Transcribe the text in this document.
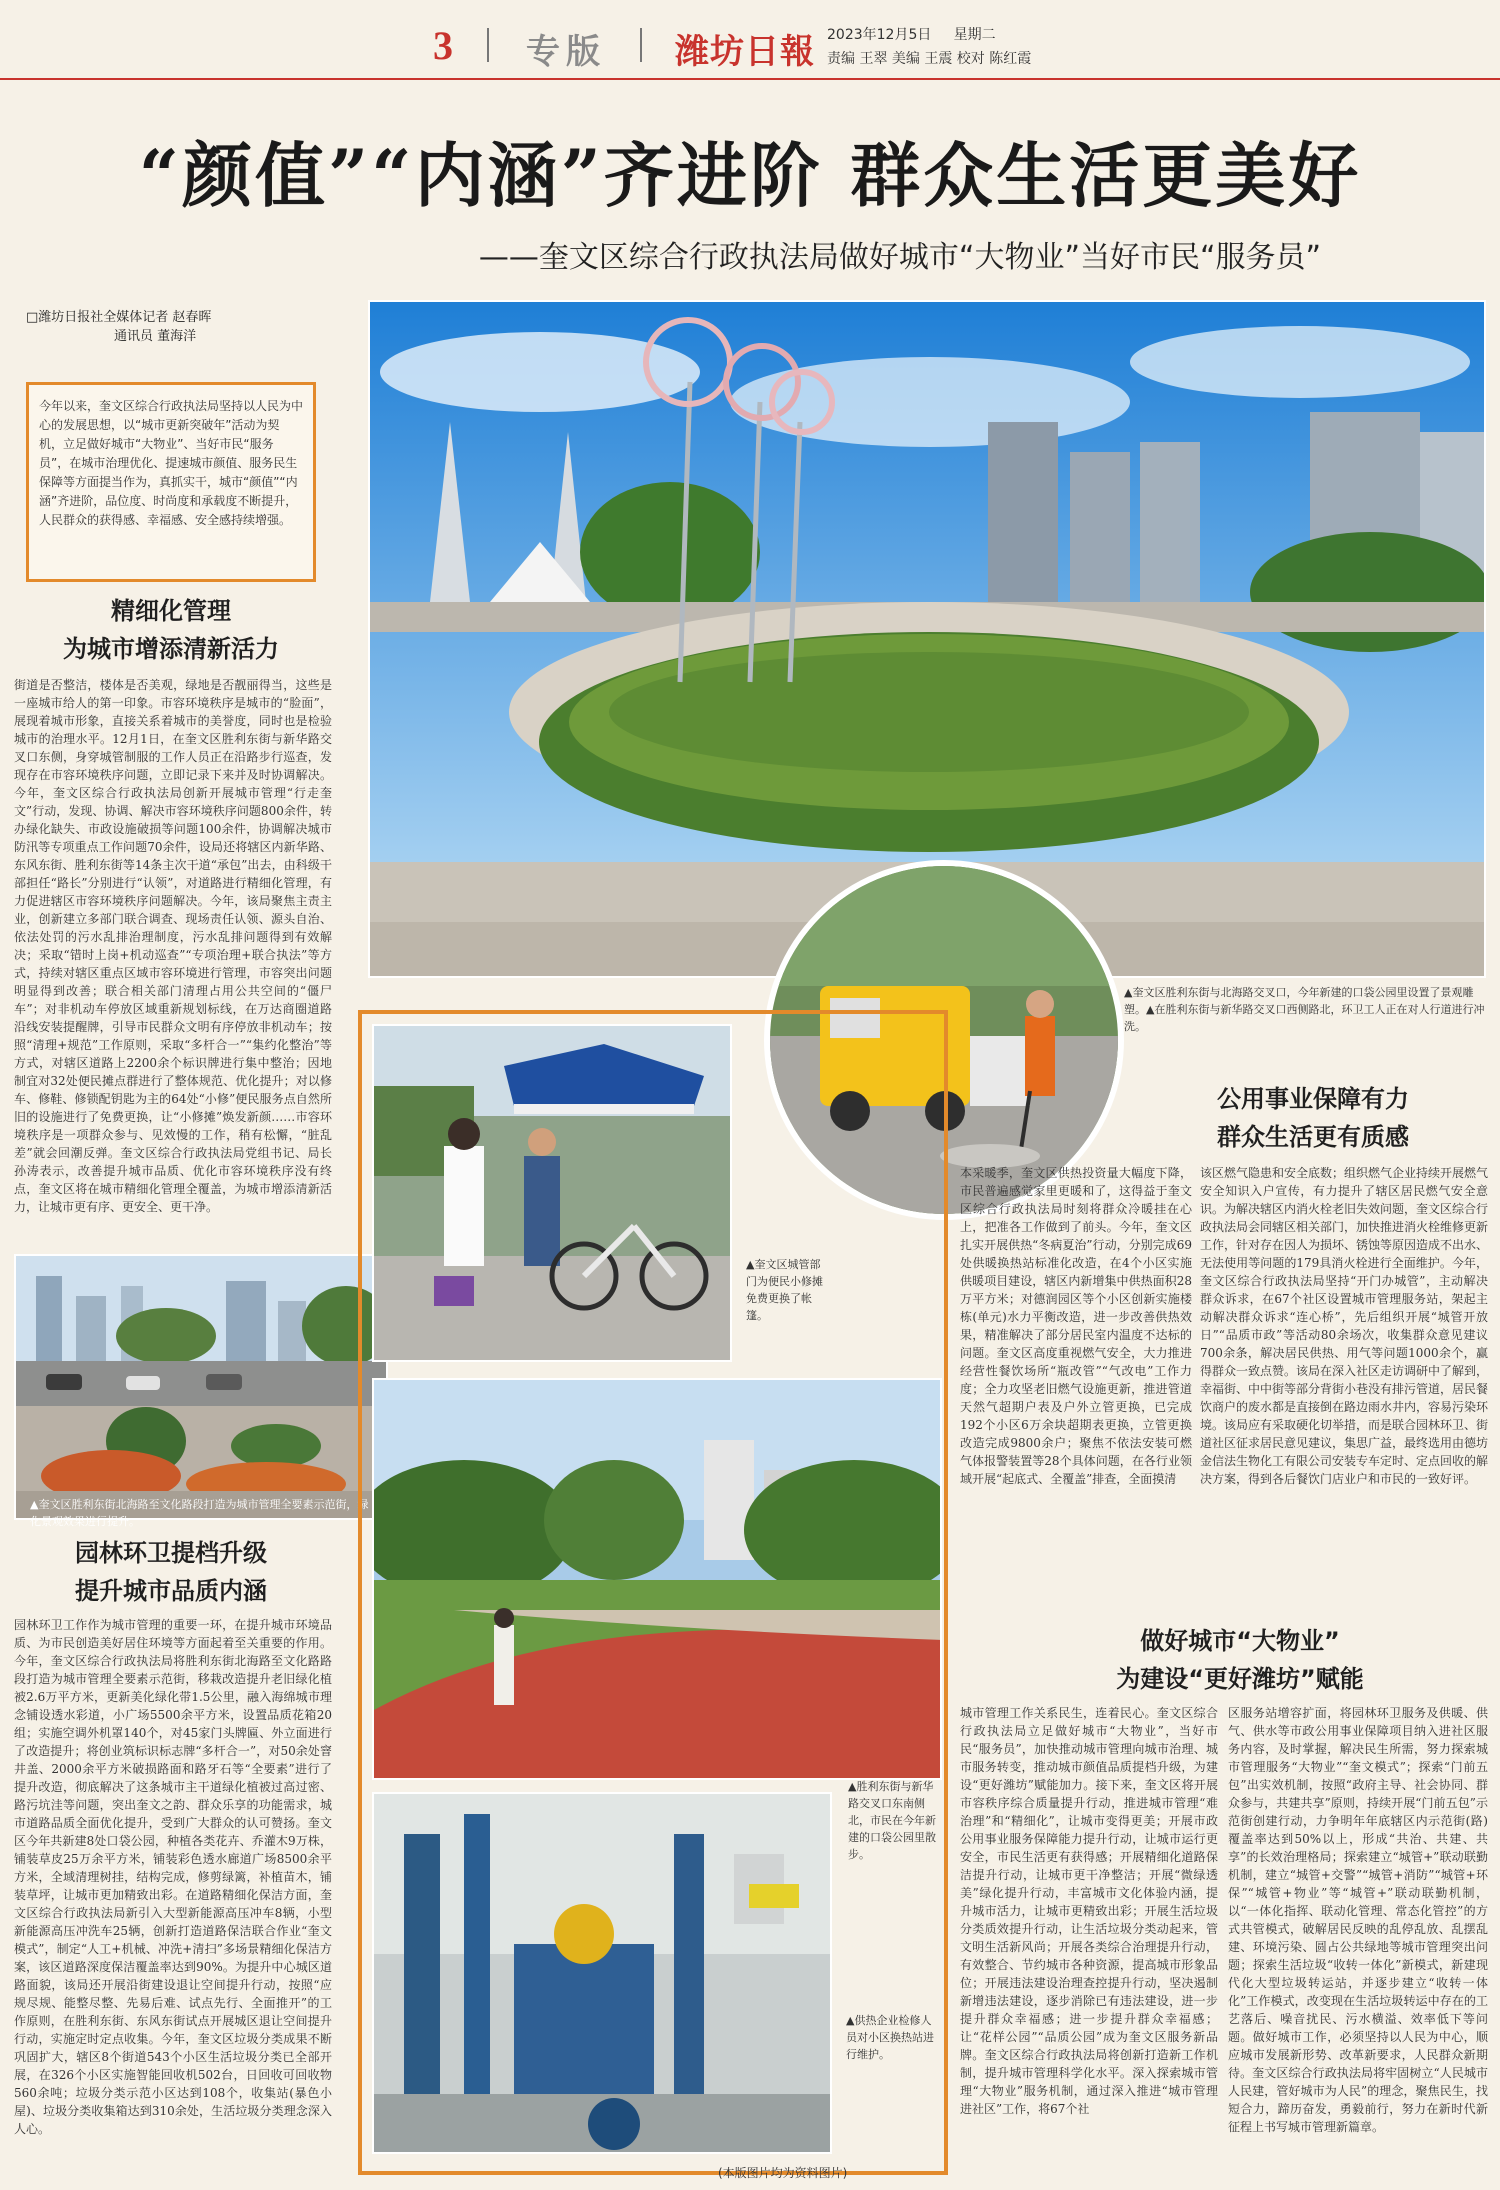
3 专版 潍坊日報 2023年12月5日 星期二
责编 王翠 美编 王震 校对 陈红霞
“颜值”“内涵”齐进阶 群众生活更美好
——奎文区综合行政执法局做好城市“大物业”当好市民“服务员”
□潍坊日报社全媒体记者 赵春晖
通讯员 董海洋
今年以来，奎文区综合行政执法局坚持以人民为中心的发展思想，以“城市更新突破年”活动为契机，立足做好城市“大物业”、当好市民“服务员”，在城市治理优化、提速城市颜值、服务民生保障等方面提当作为，真抓实干，城市“颜值”“内涵”齐进阶，品位度、时尚度和承载度不断提升，人民群众的获得感、幸福感、安全感持续增强。
精细化管理
为城市增添清新活力
街道是否整洁，楼体是否美观，绿地是否靓丽得当，这些是一座城市给人的第一印象。市容环境秩序是城市的“脸面”，展现着城市形象，直接关系着城市的美誉度，同时也是检验城市的治理水平。12月1日，在奎文区胜利东街与新华路交叉口东侧，身穿城管制服的工作人员正在沿路步行巡查，发现存在市容环境秩序问题，立即记录下来并及时协调解决。今年，奎文区综合行政执法局创新开展城市管理“行走奎文”行动，发现、协调、解决市容环境秩序问题800余件，转办绿化缺失、市政设施破损等问题100余件，协调解决城市防汛等专项重点工作问题70余件，设局还将辖区内新华路、东风东街、胜利东街等14条主次干道“承包”出去，由科级干部担任“路长”分别进行“认领”，对道路进行精细化管理，有力促进辖区市容环境秩序问题解决。今年，该局聚焦主责主业，创新建立多部门联合调查、现场责任认领、源头自治、依法处罚的污水乱排治理制度，污水乱排问题得到有效解决；采取“错时上岗+机动巡查”“专项治理+联合执法”等方式，持续对辖区重点区域市容环境进行管理，市容突出问题明显得到改善；联合相关部门清理占用公共空间的“僵尸车”；对非机动车停放区域重新规划标线，在万达商圈道路沿线安装提醒牌，引导市民群众文明有序停放非机动车；按照“清理+规范”工作原则，采取“多杆合一”“集约化整治”等方式，对辖区道路上2200余个标识牌进行集中整治；因地制宜对32处便民摊点群进行了整体规范、优化提升；对以修车、修鞋、修锁配钥匙为主的64处“小修”便民服务点自然所旧的设施进行了免费更换，让“小修摊”焕发新颜……市容环境秩序是一项群众参与、见效慢的工作，稍有松懈，“脏乱差”就会回潮反弹。奎文区综合行政执法局党组书记、局长孙涛表示，改善提升城市品质、优化市容环境秩序没有终点，奎文区将在城市精细化管理全覆盖，为城市增添清新活力，让城市更有序、更安全、更干净。
▲奎文区胜利东街北海路至文化路段打造为城市管理全要素示范街，绿化景观效果进行提升。
园林环卫提档升级
提升城市品质内涵
园林环卫工作作为城市管理的重要一环，在提升城市环境品质、为市民创造美好居住环境等方面起着至关重要的作用。今年，奎文区综合行政执法局将胜利东街北海路至文化路路段打造为城市管理全要素示范街，移栽改造提升老旧绿化植被2.6万平方米，更新美化绿化带1.5公里，融入海绵城市理念铺设透水彩道，小广场5500余平方米，设置品质花箱20组；实施空调外机罩140个，对45家门头牌匾、外立面进行了改造提升；将创业筑标识标志牌“多杆合一”，对50余处窨井盖、2000余平方米破损路面和路牙石等“全要素”进行了提升改造，彻底解决了这条城市主干道绿化植被过高过密、路污坑洼等问题，突出奎文之韵、群众乐享的功能需求，城市道路品质全面优化提升，受到广大群众的认可赞扬。奎文区今年共新建8处口袋公园，种植各类花卉、乔灌木9万株，铺装草皮25万余平方米，铺装彩色透水廊道广场8500余平方米，全域清理树挂，结构完成，修剪绿篱，补植苗木，铺装草坪，让城市更加精致出彩。在道路精细化保洁方面，奎文区综合行政执法局新引入大型新能源高压冲车8辆，小型新能源高压冲洗车25辆，创新打造道路保洁联合作业“奎文模式”，制定“人工+机械、冲洗+清扫”多场景精细化保洁方案，该区道路深度保洁覆盖率达到90%。为提升中心城区道路面貌，该局还开展沿街建设退让空间提升行动，按照“应规尽规、能整尽整、先易后难、试点先行、全面推开”的工作原则，在胜利东街、东风东街试点开展城区退让空间提升行动，实施定时定点收集。今年，奎文区垃圾分类成果不断巩固扩大，辖区8个街道543个小区生活垃圾分类已全部开展，在326个小区实施智能回收机502台，日回收可回收物560余吨；垃圾分类示范小区达到108个，收集站(暴色小屋)、垃圾分类收集箱达到310余处，生活垃圾分类理念深入人心。
▲奎文区胜利东街与北海路交叉口，今年新建的口袋公园里设置了景观雕塑。▲在胜利东街与新华路交叉口西侧路北，环卫工人正在对人行道进行冲洗。
▲奎文区城管部门为便民小修摊免费更换了帐篷。
▲胜利东街与新华路交叉口东南侧北，市民在今年新建的口袋公园里散步。
▲供热企业检修人员对小区换热站进行维护。
公用事业保障有力
群众生活更有质感
本采暖季，奎文区供热投资量大幅度下降，市民普遍感觉家里更暖和了，这得益于奎文区综合行政执法局时刻将群众冷暖挂在心上，把准各工作做到了前头。今年，奎文区扎实开展供热“冬病夏治”行动，分别完成69处供暖换热站标准化改造，在4个小区实施供暖项目建设，辖区内新增集中供热面积28万平方米；对德润园区等个小区创新实施楼栋(单元)水力平衡改造，进一步改善供热效果，精准解决了部分居民室内温度不达标的问题。奎文区高度重视燃气安全，大力推进经营性餐饮场所“瓶改管”“气改电”工作力度；全力攻坚老旧燃气设施更新，推进管道天然气超期户表及户外立管更换，已完成192个小区6万余块超期表更换，立管更换改造完成9800余户；聚焦不依法安装可燃气体报警装置等28个具体问题，在各行业领域开展“起底式、全覆盖”排查，全面摸清
该区燃气隐患和安全底数；组织燃气企业持续开展燃气安全知识入户宣传，有力提升了辖区居民燃气安全意识。为解决辖区内消火栓老旧失效问题，奎文区综合行政执法局会同辖区相关部门，加快推进消火栓维修更新工作，针对存在因人为损坏、锈蚀等原因造成不出水、无法使用等问题的179具消火栓进行全面维护。今年，奎文区综合行政执法局坚持“开门办城管”，主动解决群众诉求，在67个社区设置城市管理服务站，架起主动解决群众诉求“连心桥”，先后组织开展“城管开放日”“品质市政”等活动80余场次，收集群众意见建议700余条，解决居民供热、用气等问题1000余个，赢得群众一致点赞。该局在深入社区走访调研中了解到，幸福街、中中街等部分背街小巷没有排污管道，居民餐饮商户的废水都是直接倒在路边雨水井内，容易污染环境。该局应有采取硬化切举措，而是联合园林环卫、街道社区征求居民意见建议，集思广益，最终选用由德坊金信法生物化工有限公司安装专车定时、定点回收的解决方案，得到各后餐饮门店业户和市民的一致好评。
做好城市“大物业”
为建设“更好潍坊”赋能
城市管理工作关系民生，连着民心。奎文区综合行政执法局立足做好城市“大物业”，当好市民“服务员”，加快推动城市管理向城市治理、城市服务转变，推动城市颜值品质提档升级，为建设“更好潍坊”赋能加力。接下来，奎文区将开展市容秩序综合质量提升行动，推进城市管理“难治理”和“精细化”，让城市变得更美；开展市政公用事业服务保障能力提升行动，让城市运行更安全，市民生活更有获得感；开展精细化道路保洁提升行动，让城市更干净整洁；开展“微绿透美”绿化提升行动，丰富城市文化体验内涵，提升城市活力，让城市更精致出彩；开展生活垃圾分类质效提升行动，让生活垃圾分类动起来，管文明生活新风尚；开展各类综合治理提升行动，有效整合、节约城市各种资源，提高城市形象品位；开展违法建设治理查控提升行动，坚决遏制新增违法建设，逐步消除已有违法建设，进一步提升群众幸福感；进一步提升群众幸福感；让“花样公园”“品质公园”成为奎文区服务新品牌。奎文区综合行政执法局将创新打造新工作机制，提升城市管理科学化水平。深入探索城市管理“大物业”服务机制，通过深入推进“城市管理进社区”工作，将67个社
区服务站增容扩面，将园林环卫服务及供暖、供气、供水等市政公用事业保障项目纳入进社区服务内容，及时掌握，解决民生所需，努力探索城市管理服务“大物业”“奎文模式”；探索“门前五包”出实效机制，按照“政府主导、社会协同、群众参与，共建共享”原则，持续开展“门前五包”示范街创建行动，力争明年年底辖区内示范街(路)覆盖率达到50%以上，形成“共治、共建、共享”的长效治理格局；探索建立“城管+”联动联勤机制，建立“城管+交警”“城管+消防”“城管+环保”“城管+物业”等“城管+”联动联勤机制，以“一体化指挥、联动化管理、常态化管控”的方式共管模式，破解居民反映的乱停乱放、乱摆乱建、环境污染、圆占公共绿地等城市管理突出问题；探索生活垃圾“收转一体化”新模式，新建现代化大型垃圾转运站，并逐步建立“收转一体化”工作模式，改变现在生活垃圾转运中存在的工艺落后、噪音扰民、污水横溢、效率低下等问题。做好城市工作，必须坚持以人民为中心，顺应城市发展新形势、改革新要求，人民群众新期待。奎文区综合行政执法局将牢固树立“人民城市人民建，管好城市为人民”的理念，聚焦民生，找短合力，蹄历奋发，勇毅前行，努力在新时代新征程上书写城市管理新篇章。
(本版图片均为资料图片)
